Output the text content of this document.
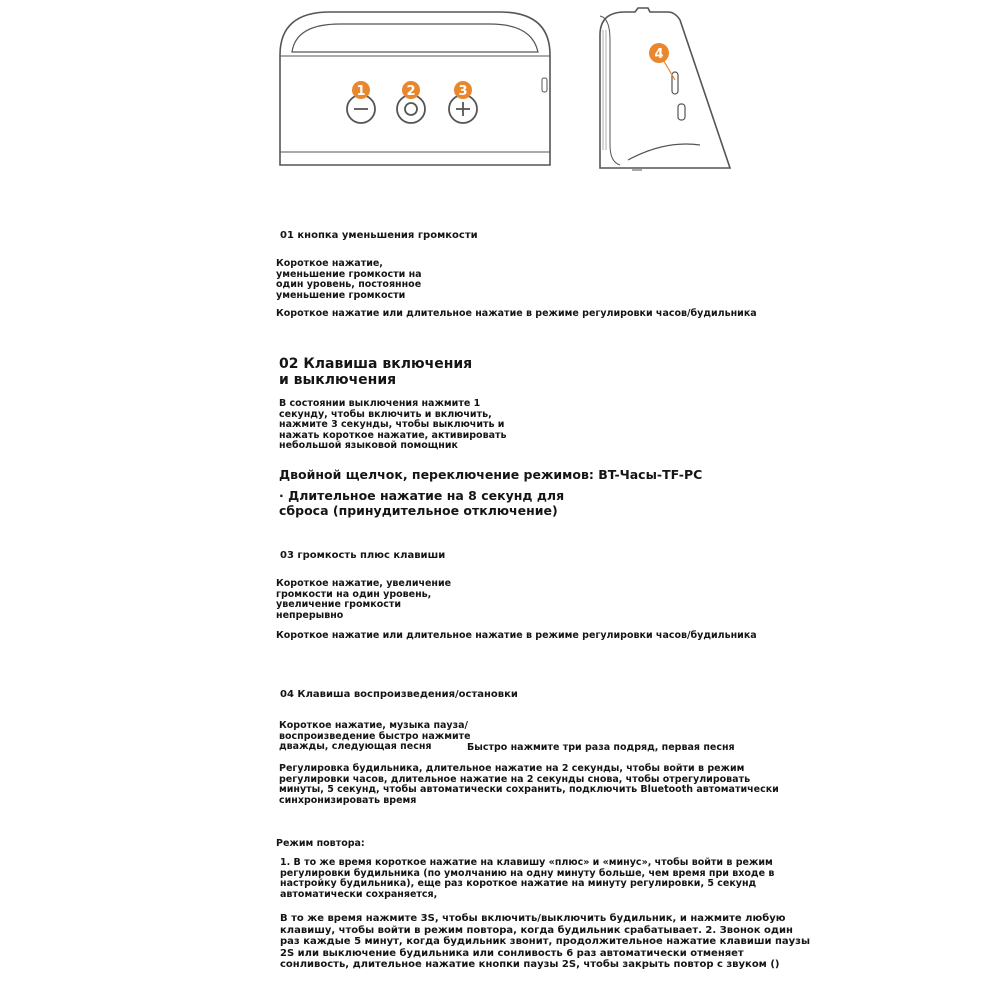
1	2	3
4
01 кнопка уменьшения громкости
Короткое нажатие,
уменьшение громкости на
один уровень, постоянное
уменьшение громкости
Короткое нажатие или длительное нажатие в режиме регулировки часов/будильника
02 Клавиша включения
и выключения
В состоянии выключения нажмите 1
секунду, чтобы включить и включить,
нажмите 3 секунды, чтобы выключить и
нажать короткое нажатие, активировать
небольшой языковой помощник
Двойной щелчок, переключение режимов: BT-Часы-TF-PC
· Длительное нажатие на 8 секунд для
сброса (принудительное отключение)
03 громкость плюс клавиши
Короткое нажатие, увеличение
громкости на один уровень,
увеличение громкости
непрерывно
Короткое нажатие или длительное нажатие в режиме регулировки часов/будильника
04 Клавиша воспроизведения/остановки
Короткое нажатие, музыка пауза/
воспроизведение быстро нажмите
дважды, следующая песня	Быстро нажмите три раза подряд, первая песня
Регулировка будильника, длительное нажатие на 2 секунды, чтобы войти в режим
регулировки часов, длительное нажатие на 2 секунды снова, чтобы отрегулировать
минуты, 5 секунд, чтобы автоматически сохранить, подключить Bluetooth автоматически
синхронизировать время
Режим повтора:
1. В то же время короткое нажатие на клавишу «плюс» и «минус», чтобы войти в режим
регулировки будильника (по умолчанию на одну минуту больше, чем время при входе в
настройку будильника), еще раз короткое нажатие на минуту регулировки, 5 секунд
автоматически сохраняется,
В то же время нажмите 3S, чтобы включить/выключить будильник, и нажмите любую
клавишу, чтобы войти в режим повтора, когда будильник срабатывает. 2. Звонок один
раз каждые 5 минут, когда будильник звонит, продолжительное нажатие клавиши паузы
2S или выключение будильника или сонливость 6 раз автоматически отменяет
сонливость, длительное нажатие кнопки паузы 2S, чтобы закрыть повтор с звуком ()
